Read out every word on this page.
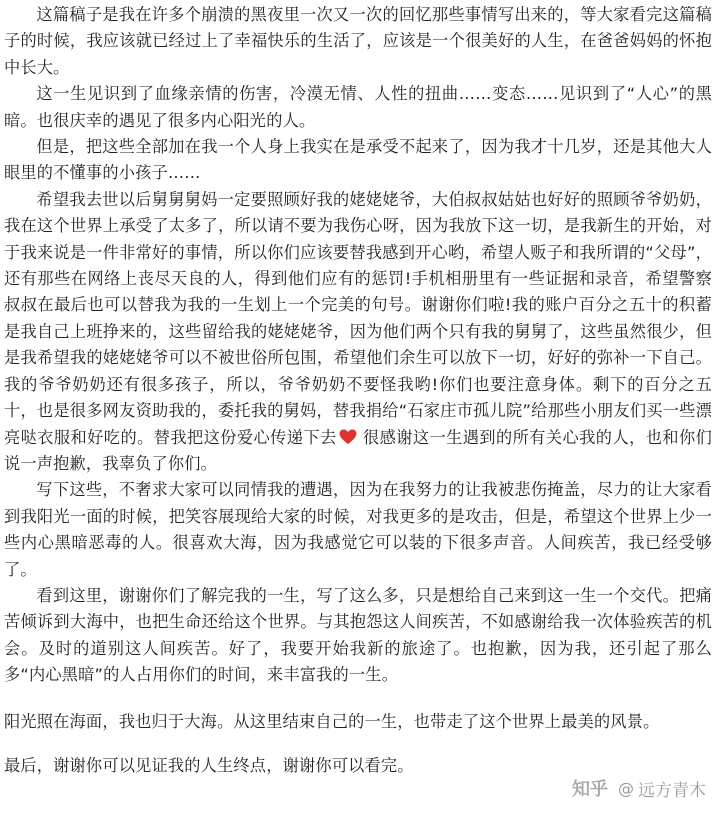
这篇稿子是我在许多个崩溃的黑夜里一次又一次的回忆那些事情写出来的，等大家看完这篇稿子的时候，我应该就已经过上了幸福快乐的生活了，应该是一个很美好的人生，在爸爸妈妈的怀抱中长大。

这一生见识到了血缘亲情的伤害，冷漠无情、人性的扭曲……变态……见识到了“人心”的黑暗。也很庆幸的遇见了很多内心阳光的人。

但是，把这些全部加在我一个人身上我实在是承受不起来了，因为我才十几岁，还是其他大人眼里的不懂事的小孩子……

希望我去世以后舅舅舅妈一定要照顾好我的姥姥姥爷，大伯叔叔姑姑也好好的照顾爷爷奶奶，我在这个世界上承受了太多了，所以请不要为我伤心呀，因为我放下这一切，是我新生的开始，对于我来说是一件非常好的事情，所以你们应该要替我感到开心哟，希望人贩子和我所谓的“父母”，还有那些在网络上丧尽天良的人，得到他们应有的惩罚!手机相册里有一些证据和录音，希望警察叔叔在最后也可以替我为我的一生划上一个完美的句号。谢谢你们啦!我的账户百分之五十的积蓄是我自己上班挣来的，这些留给我的姥姥姥爷，因为他们两个只有我的舅舅了，这些虽然很少，但是我希望我的姥姥姥爷可以不被世俗所包围，希望他们余生可以放下一切，好好的弥补一下自己。我的爷爷奶奶还有很多孩子，所以，爷爷奶奶不要怪我哟!你们也要注意身体。剩下的百分之五十，也是很多网友资助我的，委托我的舅妈，替我捐给“石家庄市孤儿院”给那些小朋友们买一些漂亮哒衣服和好吃的。替我把这份爱心传递下去 很感谢这一生遇到的所有关心我的人，也和你们说一声抱歉，我辜负了你们。

写下这些，不奢求大家可以同情我的遭遇，因为在我努力的让我被悲伤掩盖，尽力的让大家看到我阳光一面的时候，把笑容展现给大家的时候，对我更多的是攻击，但是，希望这个世界上少一些内心黑暗恶毒的人。很喜欢大海，因为我感觉它可以装的下很多声音。人间疾苦，我已经受够了。

看到这里，谢谢你们了解完我的一生，写了这么多，只是想给自己来到这一生一个交代。把痛苦倾诉到大海中，也把生命还给这个世界。与其抱怨这人间疾苦，不如感谢给我一次体验疾苦的机会。及时的道别这人间疾苦。好了，我要开始我新的旅途了。也抱歉，因为我，还引起了那么多“内心黑暗”的人占用你们的时间，来丰富我的一生。

阳光照在海面，我也归于大海。从这里结束自己的一生，也带走了这个世界上最美的风景。

最后，谢谢你可以见证我的人生终点，谢谢你可以看完。

知乎 @ 远方青木
